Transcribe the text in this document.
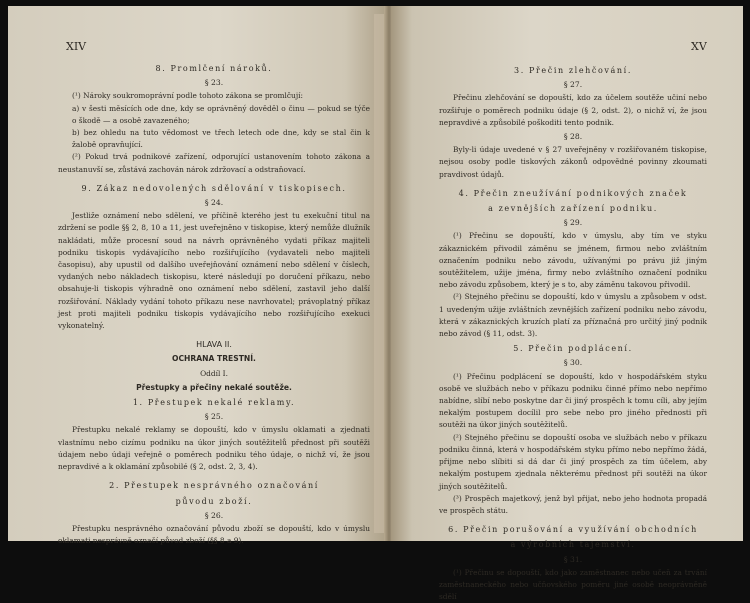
XIV
8. Promlčení nároků.
§ 23.

(¹) Nároky soukromoprávní podle tohoto zákona se promlčují:

a) v šesti měsících ode dne, kdy se oprávněný dověděl o činu — pokud se týče o škodě — a osobě zavazeného;

b) bez ohledu na tuto vědomost ve třech letech ode dne, kdy se stal čin k žalobě opravňující.

(²) Pokud trvá podnikové zařízení, odporující ustanovením tohoto zákona a neustanuvší se, zůstává zachován nárok zdržovací a odstraňovací.

9. Zákaz nedovolených sdělování v tiskopisech.
§ 24.

Jestliže oznámení nebo sdělení, ve příčině kterého jest tu exekuční titul na zdržení se podle §§ 2, 8, 10 a 11, jest uveřejněno v tiskopise, který nemůže dlužník nakládati, může procesní soud na návrh oprávněného vydati příkaz majiteli podniku tiskopis vydávajícího nebo rozšiřujícího (vydavateli nebo majiteli časopisu), aby upustil od dalšího uveřejňování oznámení nebo sdělení v číslech, vydaných nebo nákladech tiskopisu, které následují po doručení příkazu, nebo obsahuje-li tiskopis výhradně ono oznámení nebo sdělení, zastavil jeho další rozšiřování. Náklady vydání tohoto příkazu nese navrhovatel; právoplatný příkaz jest proti majiteli podniku tiskopis vydávajícího nebo rozšiřujícího exekuci vykonatelný.

HLAVA II.
OCHRANA TRESTNÍ.
Oddíl I.
Přestupky a přečiny nekalé soutěže.
1. Přestupek nekalé reklamy.
§ 25.

Přestupku nekalé reklamy se dopouští, kdo v úmyslu oklamati a zjednati vlastnímu nebo cizímu podniku na úkor jiných soutěžitelů přednost při soutěži údajem nebo údaji veřejně o poměrech podniku tého údaje, o nichž ví, že jsou nepravdivé a k oklamání způsobilé (§ 2, odst. 2, 3, 4).

2. Přestupek nesprávného označování
původu zboží.
§ 26.

Přestupku nesprávného označování původu zboží se dopouští, kdo v úmyslu oklamati nesprávně označí původ zboží (§§ 8 a 9).

XV
3. Přečin zlehčování.
§ 27.

Přečinu zlehčování se dopouští, kdo za účelem soutěže učiní nebo rozšiřuje o poměrech podniku údaje (§ 2, odst. 2), o nichž ví, že jsou nepravdivé a způsobilé poškoditi tento podnik.

§ 28.

Byly-li údaje uvedené v § 27 uveřejněny v rozšiřovaném tiskopise, nejsou osoby podle tiskových zákonů odpovědné povinny zkoumati pravdivost údajů.

4. Přečin zneužívání podnikových značek
a zevnějších zařízení podniku.
§ 29.

(¹) Přečinu se dopouští, kdo v úmyslu, aby tím ve styku zákaznickém přivodil záměnu se jménem, firmou nebo zvláštním označením podniku nebo závodu, užívanými po právu již jiným soutěžitelem, užije jména, firmy nebo zvláštního označení podniku nebo závodu způsobem, který je s to, aby záměnu takovou přivodil.

(²) Stejného přečinu se dopouští, kdo v úmyslu a způsobem v odst. 1 uvedeným užije zvláštních zevnějších zařízení podniku nebo závodu, která v zákaznických kruzích platí za příznačná pro určitý jiný podnik nebo závod (§ 11, odst. 3).

5. Přečin podplácení.
§ 30.

(¹) Přečinu podplácení se dopouští, kdo v hospodářském styku osobě ve službách nebo v příkazu podniku činné přímo nebo nepřímo nabídne, slíbí nebo poskytne dar či jiný prospěch k tomu cíli, aby jejím nekalým postupem docílil pro sebe nebo pro jiného přednosti při soutěži na úkor jiných soutěžitelů.

(²) Stejného přečinu se dopouští osoba ve službách nebo v příkazu podniku činná, která v hospodářském styku přímo nebo nepřímo žádá, přijme nebo slíbiti si dá dar či jiný prospěch za tím účelem, aby nekalým postupem zjednala některému přednost při soutěži na úkor jiných soutěžitelů.

(³) Prospěch majetkový, jenž byl přijat, nebo jeho hodnota propadá ve prospěch státu.

6. Přečin porušování a využívání obchodních
a výrobních tajemství.
§ 31.

(¹) Přečinu se dopouští, kdo jako zaměstnanec nebo učeň za trvání zaměstnaneckého nebo učňovského poměru jiné osobě neoprávněně sdělí
